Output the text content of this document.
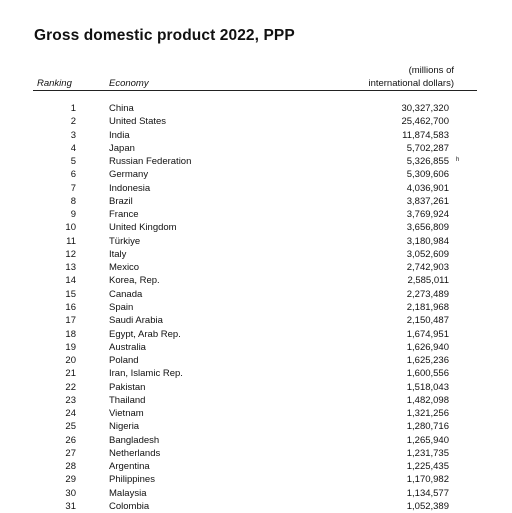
Gross domestic product 2022, PPP
(millions of
international dollars)
Ranking	Economy
1	China	30,327,320
2	United States	25,462,700
3	India	11,874,583
4	Japan	5,702,287
5	Russian Federation	5,326,855 h
6	Germany	5,309,606
7	Indonesia	4,036,901
8	Brazil	3,837,261
9	France	3,769,924
10	United Kingdom	3,656,809
11	Türkiye	3,180,984
12	Italy	3,052,609
13	Mexico	2,742,903
14	Korea, Rep.	2,585,011
15	Canada	2,273,489
16	Spain	2,181,968
17	Saudi Arabia	2,150,487
18	Egypt, Arab Rep.	1,674,951
19	Australia	1,626,940
20	Poland	1,625,236
21	Iran, Islamic Rep.	1,600,556
22	Pakistan	1,518,043
23	Thailand	1,482,098
24	Vietnam	1,321,256
25	Nigeria	1,280,716
26	Bangladesh	1,265,940
27	Netherlands	1,231,735
28	Argentina	1,225,435
29	Philippines	1,170,982
30	Malaysia	1,134,577
31	Colombia	1,052,389
